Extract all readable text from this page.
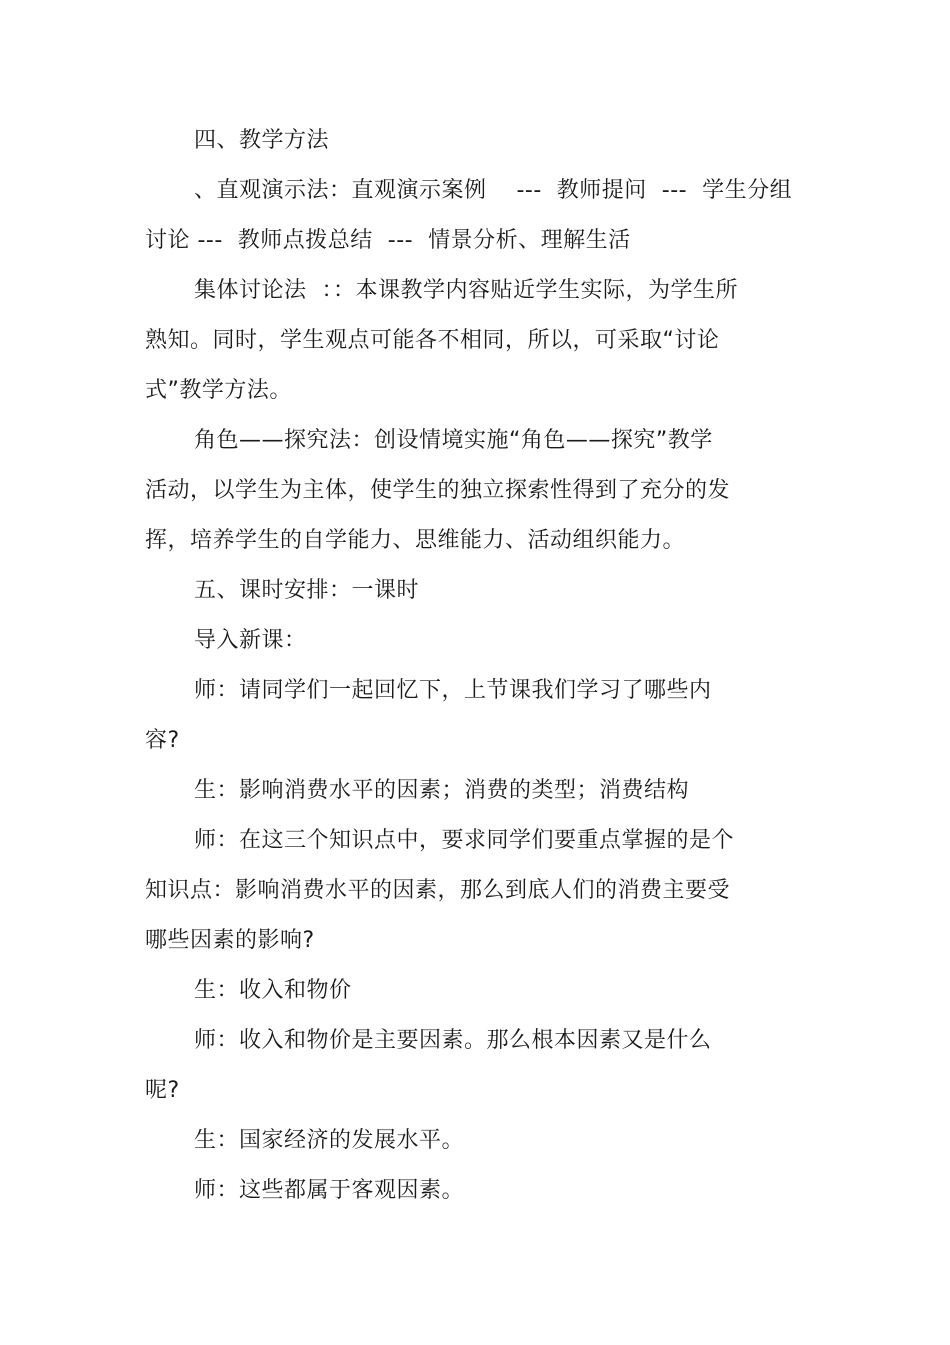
四、教学方法
、直观演示法：直观演示案例    ---  教师提问  ---  学生分组
讨论 ---  教师点拨总结  ---  情景分析、理解生活
集体讨论法  ：：本课教学内容贴近学生实际，为学生所
熟知。同时，学生观点可能各不相同，所以，可采取“讨论
式”教学方法。
角色——探究法：创设情境实施“角色——探究”教学
活动，以学生为主体，使学生的独立探索性得到了充分的发
挥，培养学生的自学能力、思维能力、活动组织能力。
五、课时安排：一课时
导入新课：
师：请同学们一起回忆下，上节课我们学习了哪些内
容?
生：影响消费水平的因素；消费的类型；消费结构
师：在这三个知识点中，要求同学们要重点掌握的是个
知识点：影响消费水平的因素，那么到底人们的消费主要受
哪些因素的影响?
生：收入和物价
师：收入和物价是主要因素。那么根本因素又是什么
呢?
生：国家经济的发展水平。
师：这些都属于客观因素。
